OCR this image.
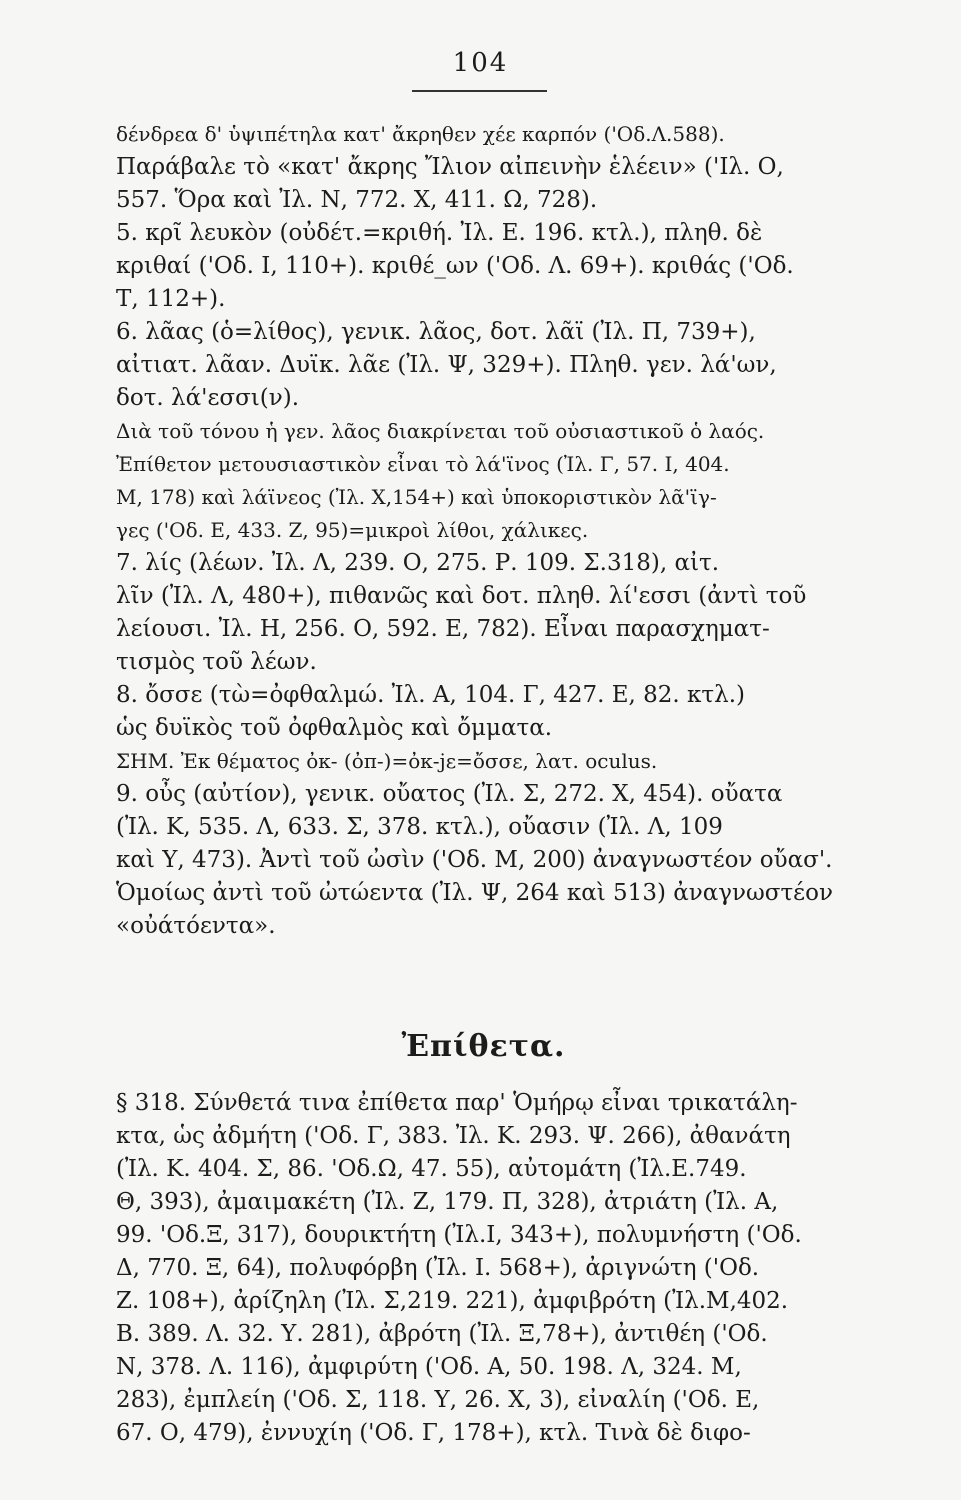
104
δένδρεα δ' ὑψιπέτηλα κατ' ἄκρηθεν χέε καρπόν ('Οδ.Λ.588).
Παράβαλε τὸ «κατ' ἄκρης Ἴλιον αἰπεινὴν ἑλέειν» ('Ιλ. Ο,
557. Ὅρα καὶ Ἰλ. Ν, 772. Χ, 411. Ω, 728).
5. κρῖ λευκὸν (οὐδέτ.=κριθή. Ἰλ. Ε. 196. κτλ.), πληθ. δὲ
κριθαί ('Οδ. Ι, 110+). κριθέ_ων ('Οδ. Λ. 69+). κριθάς ('Οδ.
Τ, 112+).
6. λᾶας (ὁ=λίθος), γενικ. λᾶος, δοτ. λᾶϊ (Ἰλ. Π, 739+),
αἰτιατ. λᾶαν. Δυϊκ. λᾶε (Ἰλ. Ψ, 329+). Πληθ. γεν. λά'ων,
δοτ. λά'εσσι(ν).
Διὰ τοῦ τόνου ἡ γεν. λᾶος διακρίνεται τοῦ οὐσιαστικοῦ ὁ λαός.
Ἐπίθετον μετουσιαστικὸν εἶναι τὸ λά'ϊνος (Ἰλ. Γ, 57. Ι, 404.
Μ, 178) καὶ λάϊνεος (Ἰλ. Χ,154+) καὶ ὑποκοριστικὸν λᾶ'ϊγ-
γες ('Οδ. Ε, 433. Ζ, 95)=μικροὶ λίθοι, χάλικες.
7. λίς (λέων. Ἰλ. Λ, 239. Ο, 275. Ρ. 109. Σ.318), αἰτ.
λῖν (Ἰλ. Λ, 480+), πιθανῶς καὶ δοτ. πληθ. λί'εσσι (ἀντὶ τοῦ
λείουσι. Ἰλ. Η, 256. Ο, 592. Ε, 782). Εἶναι παρασχηματ-
τισμὸς τοῦ λέων.
8. ὄσσε (τὼ=ὀφθαλμώ. Ἰλ. Α, 104. Γ, 427. Ε, 82. κτλ.)
ὡς δυϊκὸς τοῦ ὀφθαλμὸς καὶ ὄμματα.
ΣΗΜ. Ἐκ θέματος ὀκ- (ὀπ-)=ὀκ-jε=ὄσσε, λατ. oculus.
9. οὖς (αὐτίον), γενικ. οὔατος (Ἰλ. Σ, 272. Χ, 454). οὔατα
(Ἰλ. Κ, 535. Λ, 633. Σ, 378. κτλ.), οὔασιν (Ἰλ. Λ, 109
καὶ Υ, 473). Ἀντὶ τοῦ ὠσὶν ('Οδ. Μ, 200) ἀναγνωστέον οὔασ'.
Ὁμοίως ἀντὶ τοῦ ὠτώεντα (Ἰλ. Ψ, 264 καὶ 513) ἀναγνωστέον
«οὐάτόεντα».
Ἐπίθετα.
§ 318. Σύνθετά τινα ἐπίθετα παρ' Ὁμήρῳ εἶναι τρικατάλη-
κτα, ὡς ἀδμήτη ('Οδ. Γ, 383. Ἰλ. Κ. 293. Ψ. 266), ἀθανάτη
(Ἰλ. Κ. 404. Σ, 86. 'Οδ.Ω, 47. 55), αὐτομάτη (Ἰλ.Ε.749.
Θ, 393), ἀμαιμακέτη (Ἰλ. Ζ, 179. Π, 328), ἀτριάτη (Ἰλ. Α,
99. 'Οδ.Ξ, 317), δουρικτήτη (Ἰλ.Ι, 343+), πολυμνήστη ('Οδ.
Δ, 770. Ξ, 64), πολυφόρβη (Ἰλ. Ι. 568+), ἀριγνώτη ('Οδ.
Ζ. 108+), ἀρίζηλη (Ἰλ. Σ,219. 221), ἀμφιβρότη (Ἰλ.Μ,402.
Β. 389. Λ. 32. Υ. 281), ἀβρότη (Ἰλ. Ξ,78+), ἀντιθέη ('Οδ.
Ν, 378. Λ. 116), ἀμφιρύτη ('Οδ. Α, 50. 198. Λ, 324. Μ,
283), ἐμπλείη ('Οδ. Σ, 118. Υ, 26. Χ, 3), εἰναλίη ('Οδ. Ε,
67. Ο, 479), ἐννυχίη ('Οδ. Γ, 178+), κτλ. Τινὰ δὲ διφο-
